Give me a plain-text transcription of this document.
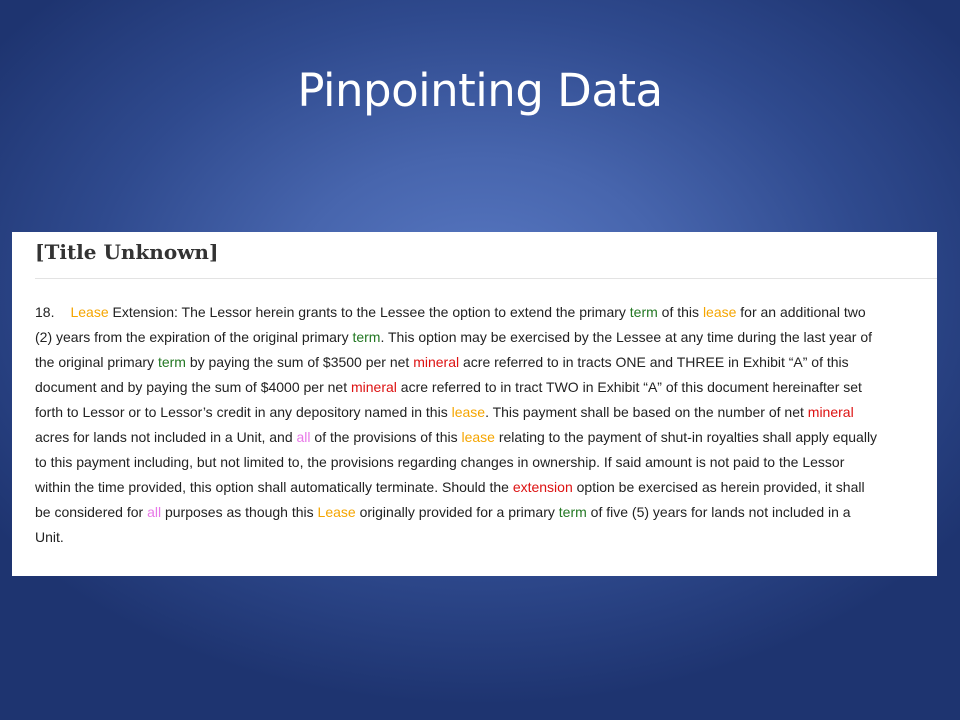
Pinpointing Data
[Title Unknown]
18. Lease Extension: The Lessor herein grants to the Lessee the option to extend the primary term of this lease for an additional two
(2) years from the expiration of the original primary term. This option may be exercised by the Lessee at any time during the last year of
the original primary term by paying the sum of $3500 per net mineral acre referred to in tracts ONE and THREE in Exhibit “A” of this
document and by paying the sum of $4000 per net mineral acre referred to in tract TWO in Exhibit “A” of this document hereinafter set
forth to Lessor or to Lessor’s credit in any depository named in this lease. This payment shall be based on the number of net mineral
acres for lands not included in a Unit, and all of the provisions of this lease relating to the payment of shut-in royalties shall apply equally
to this payment including, but not limited to, the provisions regarding changes in ownership. If said amount is not paid to the Lessor
within the time provided, this option shall automatically terminate. Should the extension option be exercised as herein provided, it shall
be considered for all purposes as though this Lease originally provided for a primary term of five (5) years for lands not included in a
Unit.
